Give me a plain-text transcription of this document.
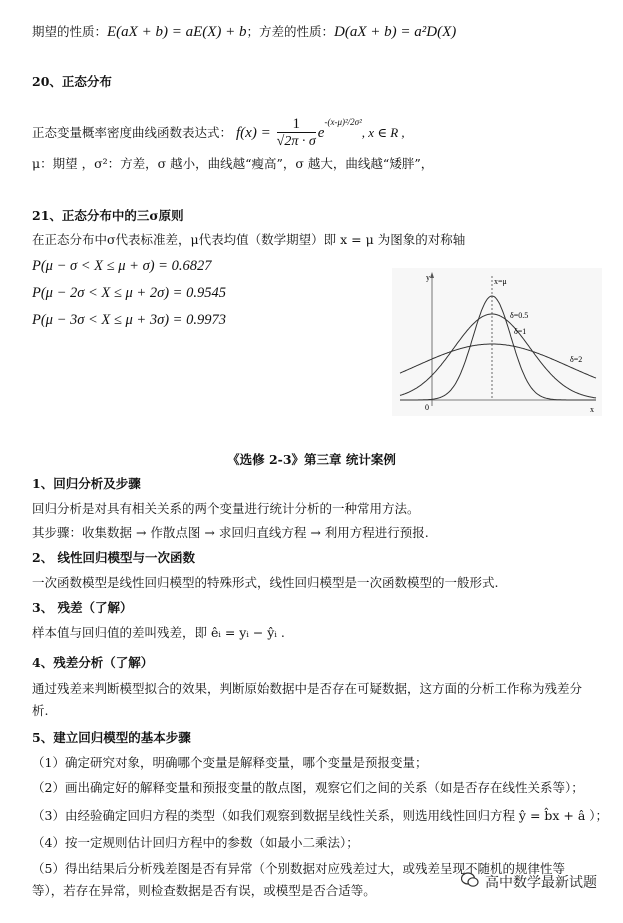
期望的性质：E(aX + b) = aE(X) + b；方差的性质：D(aX + b) = a²D(X)
20、正态分布
正态变量概率密度曲线函数表达式： $f(x) = \frac{1}{√2\pi \cdot \sigma} e^{-(x-\mu)^2/2\sigma^2}$, x ∈ R ,
μ：期望 ，σ²：方差，σ 越小，曲线越“瘦高”，σ 越大，曲线越“矮胖”，
21、正态分布中的三σ原则
在正态分布中σ代表标准差，μ代表均值（数学期望）即 x = μ 为图象的对称轴
P(μ − σ < X ≤ μ + σ) = 0.6827
P(μ − 2σ < X ≤ μ + 2σ) = 0.9545
P(μ − 3σ < X ≤ μ + 3σ) = 0.9973
y
x
0
x=μ
δ=0.5
δ=1
δ=2
《选修 2-3》第三章 统计案例
1、回归分析及步骤
回归分析是对具有相关关系的两个变量进行统计分析的一种常用方法。
其步骤：收集数据 → 作散点图 → 求回归直线方程 → 利用方程进行预报.
2、 线性回归模型与一次函数
一次函数模型是线性回归模型的特殊形式，线性回归模型是一次函数模型的一般形式.
3、 残差（了解）
样本值与回归值的差叫残差，即 êᵢ = yᵢ − ŷᵢ .
4、残差分析（了解）
通过残差来判断模型拟合的效果，判断原始数据中是否存在可疑数据，这方面的分析工作称为残差分析.
5、建立回归模型的基本步骤
（1）确定研究对象，明确哪个变量是解释变量，哪个变量是预报变量；
（2）画出确定好的解释变量和预报变量的散点图，观察它们之间的关系（如是否存在线性关系等）；
（3）由经验确定回归方程的类型（如我们观察到数据呈线性关系，则选用线性回归方程 ŷ = b̂x + â ）；
（4）按一定规则估计回归方程中的参数（如最小二乘法）；
（5）得出结果后分析残差图是否有异常（个别数据对应残差过大，或残差呈现不随机的规律性等等），若存在异常，则检查数据是否有误，或模型是否合适等。	高中数学最新试题
